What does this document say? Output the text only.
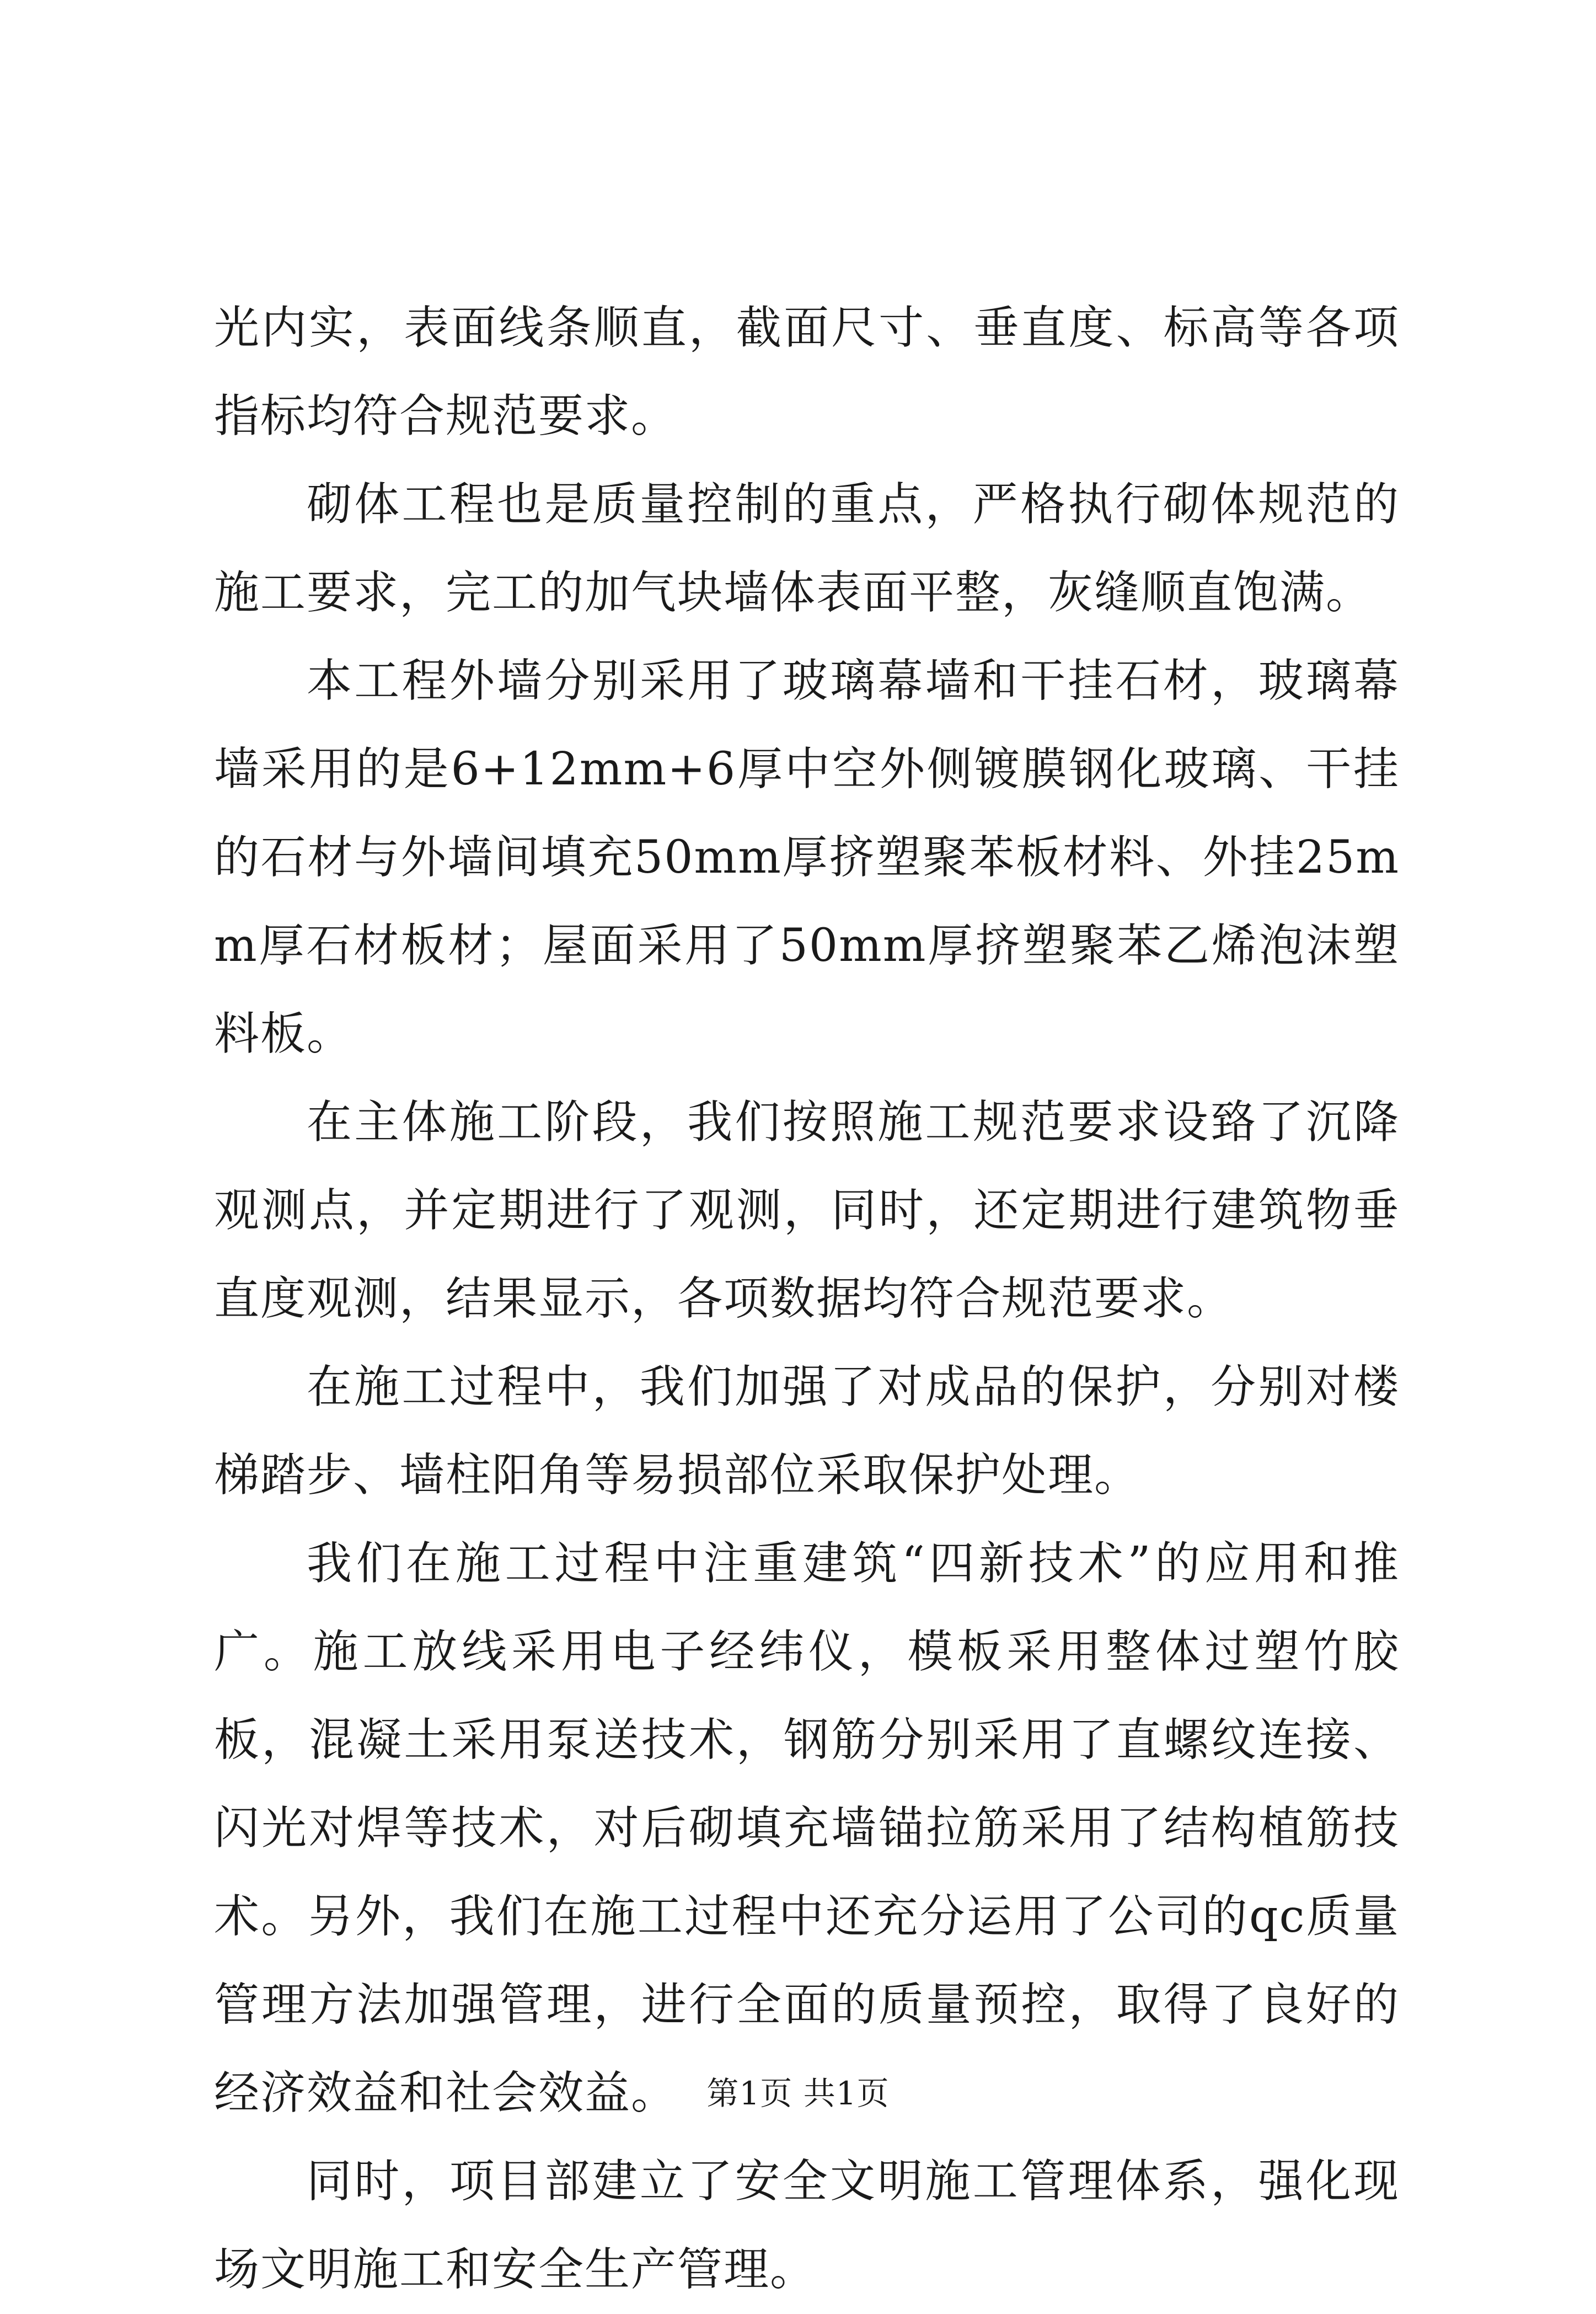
光内实，表面线条顺直，截面尺寸、垂直度、标高等各项指标均符合规范要求。

砌体工程也是质量控制的重点，严格执行砌体规范的施工要求，完工的加气块墙体表面平整，灰缝顺直饱满。

本工程外墙分别采用了玻璃幕墙和干挂石材，玻璃幕墙采用的是6+12mm+6厚中空外侧镀膜钢化玻璃、干挂的石材与外墙间填充50mm厚挤塑聚苯板材料、外挂25mm厚石材板材；屋面采用了50mm厚挤塑聚苯乙烯泡沫塑料板。

在主体施工阶段，我们按照施工规范要求设臵了沉降观测点，并定期进行了观测，同时，还定期进行建筑物垂直度观测，结果显示，各项数据均符合规范要求。

在施工过程中，我们加强了对成品的保护，分别对楼梯踏步、墙柱阳角等易损部位采取保护处理。

我们在施工过程中注重建筑“四新技术”的应用和推广。施工放线采用电子经纬仪，模板采用整体过塑竹胶板，混凝土采用泵送技术，钢筋分别采用了直螺纹连接、闪光对焊等技术，对后砌填充墙锚拉筋采用了结构植筋技术。另外，我们在施工过程中还充分运用了公司的qc质量管理方法加强管理，进行全面的质量预控，取得了良好的经济效益和社会效益。

同时，项目部建立了安全文明施工管理体系，强化现场文明施工和安全生产管理。

第1页 共1页
